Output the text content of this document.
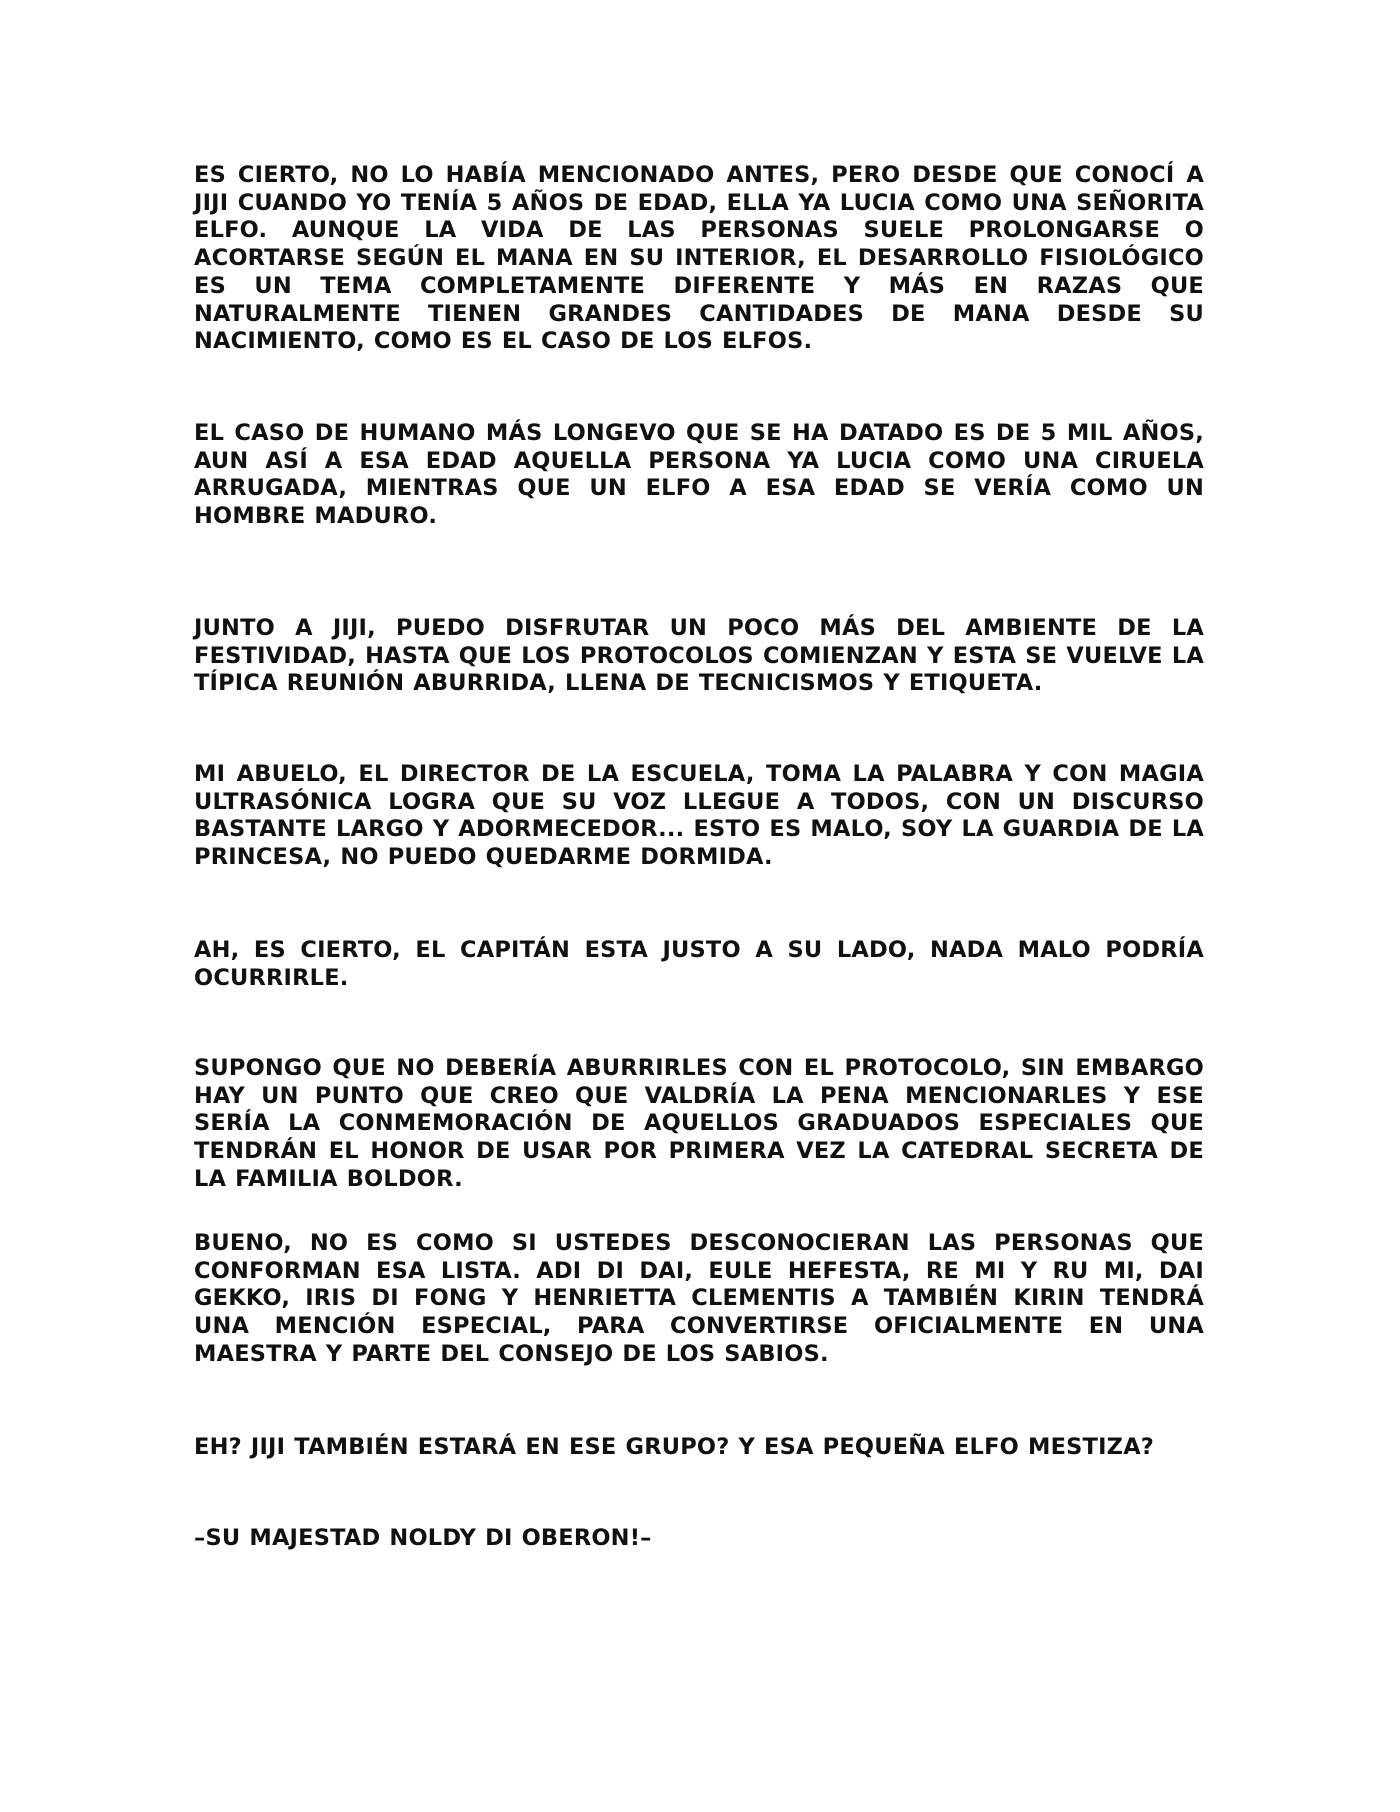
ES CIERTO, NO LO HABÍA MENCIONADO ANTES, PERO DESDE QUE CONOCÍ A JIJI CUANDO YO TENÍA 5 AÑOS DE EDAD, ELLA YA LUCIA COMO UNA SEÑORITA ELFO. AUNQUE LA VIDA DE LAS PERSONAS SUELE PROLONGARSE O ACORTARSE SEGÚN EL MANA EN SU INTERIOR, EL DESARROLLO FISIOLÓGICO ES UN TEMA COMPLETAMENTE DIFERENTE Y MÁS EN RAZAS QUE NATURALMENTE TIENEN GRANDES CANTIDADES DE MANA DESDE SU NACIMIENTO, COMO ES EL CASO DE LOS ELFOS.

EL CASO DE HUMANO MÁS LONGEVO QUE SE HA DATADO ES DE 5 MIL AÑOS, AUN ASÍ A ESA EDAD AQUELLA PERSONA YA LUCIA COMO UNA CIRUELA ARRUGADA, MIENTRAS QUE UN ELFO A ESA EDAD SE VERÍA COMO UN HOMBRE MADURO.

JUNTO A JIJI, PUEDO DISFRUTAR UN POCO MÁS DEL AMBIENTE DE LA FESTIVIDAD, HASTA QUE LOS PROTOCOLOS COMIENZAN Y ESTA SE VUELVE LA TÍPICA REUNIÓN ABURRIDA, LLENA DE TECNICISMOS Y ETIQUETA.

MI ABUELO, EL DIRECTOR DE LA ESCUELA, TOMA LA PALABRA Y CON MAGIA ULTRASÓNICA LOGRA QUE SU VOZ LLEGUE A TODOS, CON UN DISCURSO BASTANTE LARGO Y ADORMECEDOR... ESTO ES MALO, SOY LA GUARDIA DE LA PRINCESA, NO PUEDO QUEDARME DORMIDA.

AH, ES CIERTO, EL CAPITÁN ESTA JUSTO A SU LADO, NADA MALO PODRÍA OCURRIRLE.

SUPONGO QUE NO DEBERÍA ABURRIRLES CON EL PROTOCOLO, SIN EMBARGO HAY UN PUNTO QUE CREO QUE VALDRÍA LA PENA MENCIONARLES Y ESE SERÍA LA CONMEMORACIÓN DE AQUELLOS GRADUADOS ESPECIALES QUE TENDRÁN EL HONOR DE USAR POR PRIMERA VEZ LA CATEDRAL SECRETA DE LA FAMILIA BOLDOR.

BUENO, NO ES COMO SI USTEDES DESCONOCIERAN LAS PERSONAS QUE CONFORMAN ESA LISTA. ADI DI DAI, EULE HEFESTA, RE MI Y RU MI, DAI GEKKO, IRIS DI FONG Y HENRIETTA CLEMENTIS A TAMBIÉN KIRIN TENDRÁ UNA MENCIÓN ESPECIAL, PARA CONVERTIRSE OFICIALMENTE EN UNA MAESTRA Y PARTE DEL CONSEJO DE LOS SABIOS.

EH? JIJI TAMBIÉN ESTARÁ EN ESE GRUPO? Y ESA PEQUEÑA ELFO MESTIZA?

–SU MAJESTAD NOLDY DI OBERON!–
